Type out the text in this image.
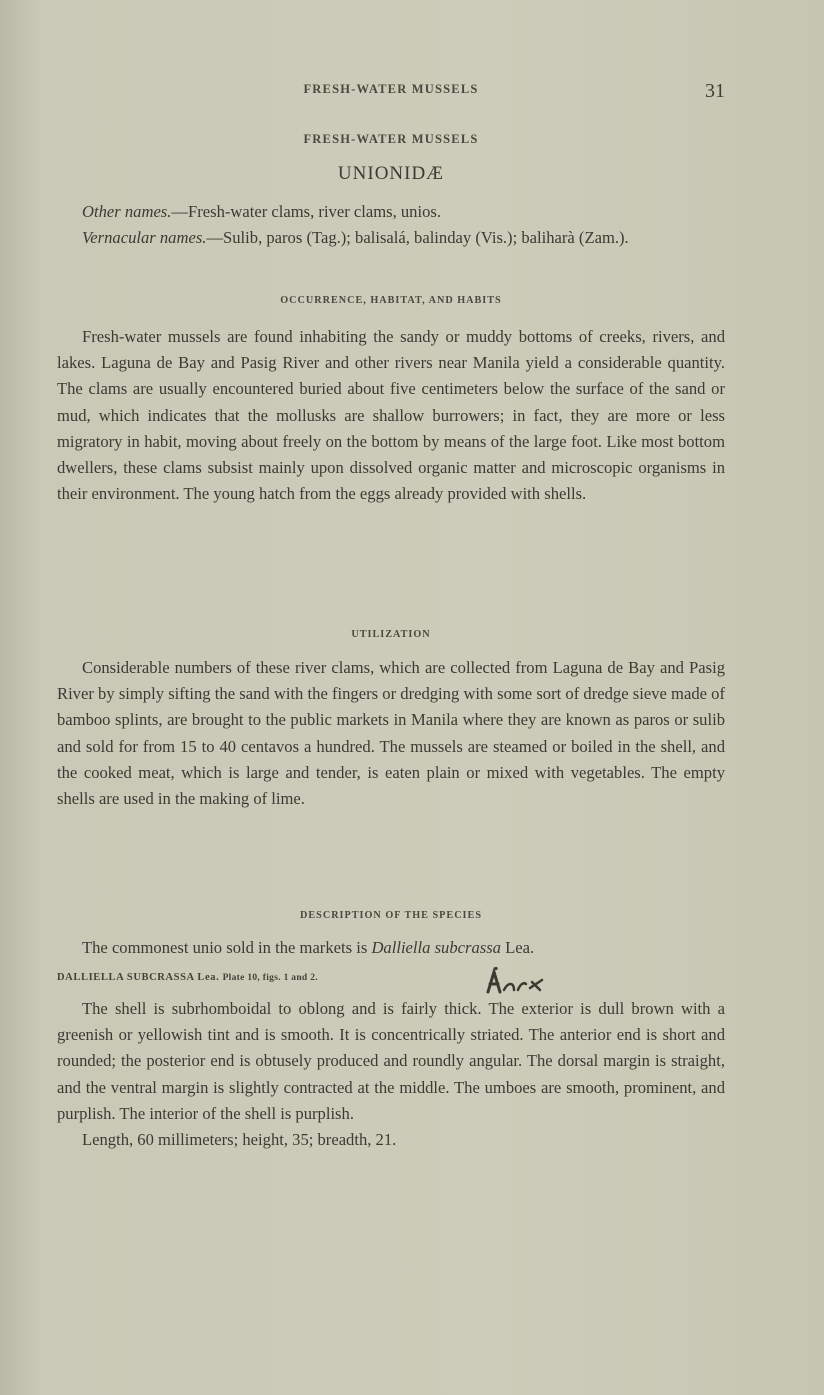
FRESH-WATER MUSSELS	31
FRESH-WATER MUSSELS
UNIONIDÆ

Other names.—Fresh-water clams, river clams, unios.

Vernacular names.—Sulib, paros (Tag.); balisalá, balinday (Vis.); baliharà (Zam.).

OCCURRENCE, HABITAT, AND HABITS

Fresh-water mussels are found inhabiting the sandy or muddy bottoms of creeks, rivers, and lakes. Laguna de Bay and Pasig River and other rivers near Manila yield a considerable quantity. The clams are usually encountered buried about five centimeters below the surface of the sand or mud, which indicates that the mollusks are shallow burrowers; in fact, they are more or less migratory in habit, moving about freely on the bottom by means of the large foot. Like most bottom dwellers, these clams subsist mainly upon dissolved organic matter and microscopic organisms in their environment. The young hatch from the eggs already provided with shells.

UTILIZATION

Considerable numbers of these river clams, which are collected from Laguna de Bay and Pasig River by simply sifting the sand with the fingers or dredging with some sort of dredge sieve made of bamboo splints, are brought to the public markets in Manila where they are known as paros or sulib and sold for from 15 to 40 centavos a hundred. The mussels are steamed or boiled in the shell, and the cooked meat, which is large and tender, is eaten plain or mixed with vegetables. The empty shells are used in the making of lime.

DESCRIPTION OF THE SPECIES

The commonest unio sold in the markets is Dalliella subcrassa Lea.

DALLIELLA SUBCRASSA Lea. Plate 10, figs. 1 and 2.

The shell is subrhomboidal to oblong and is fairly thick. The exterior is dull brown with a greenish or yellowish tint and is smooth. It is concentrically striated. The anterior end is short and rounded; the posterior end is obtusely produced and roundly angular. The dorsal margin is straight, and the ventral margin is slightly contracted at the middle. The umboes are smooth, prominent, and purplish. The interior of the shell is purplish.

Length, 60 millimeters; height, 35; breadth, 21.
